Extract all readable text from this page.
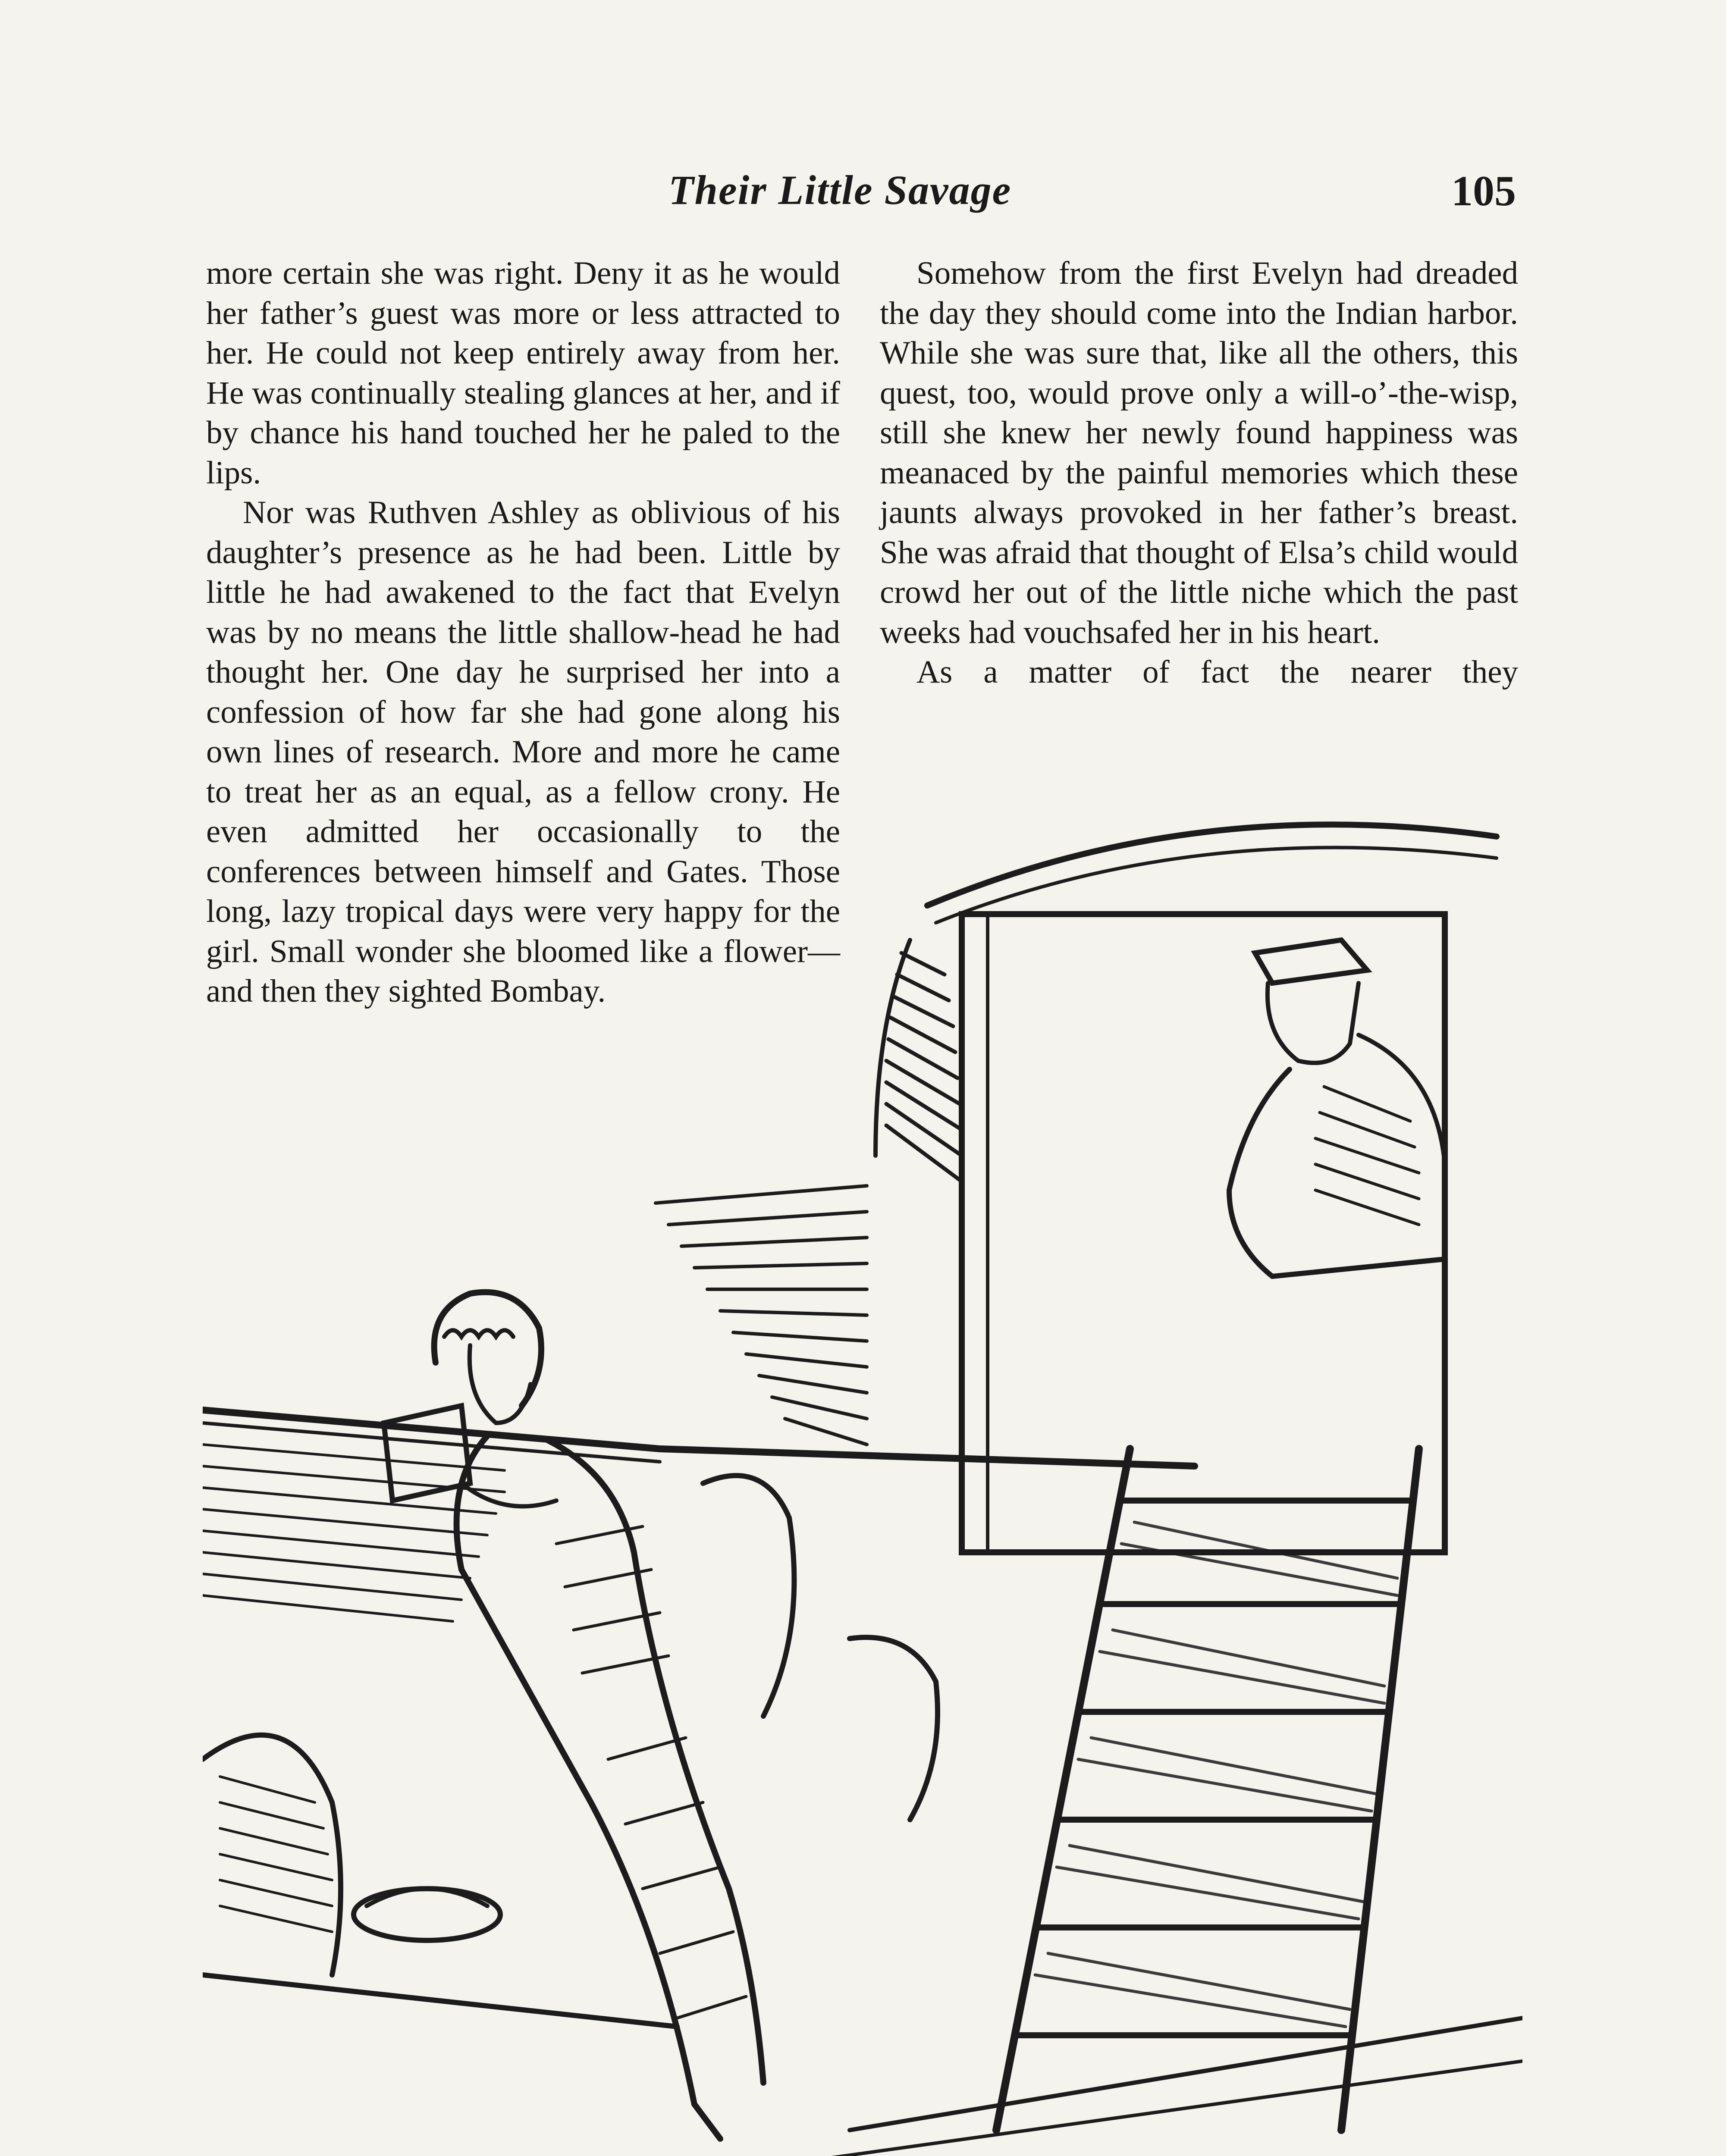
Their Little Savage	105

more certain she was right. Deny it as he would her father’s guest was more or less attracted to her. He could not keep entirely away from her. He was continually stealing glances at her, and if by chance his hand touched her he paled to the lips.

Nor was Ruthven Ashley as oblivious of his daughter’s presence as he had been. Little by little he had awakened to the fact that Evelyn was by no means the little shallow-head he had thought her. One day he surprised her into a confession of how far she had gone along his own lines of research. More and more he came to treat her as an equal, as a fellow crony. He even admitted her occasionally to the conferences between himself and Gates. Those long, lazy tropical days were very happy for the girl. Small wonder she bloomed like a flower—and then they sighted Bombay.

Somehow from the first Evelyn had dreaded the day they should come into the Indian harbor. While she was sure that, like all the others, this quest, too, would prove only a will-o’-the-wisp, still she knew her newly found happiness was meanaced by the painful memories which these jaunts always provoked in her father’s breast. She was afraid that thought of Elsa’s child would crowd her out of the little niche which the past weeks had vouchsafed her in his heart.

As a matter of fact the nearer they
